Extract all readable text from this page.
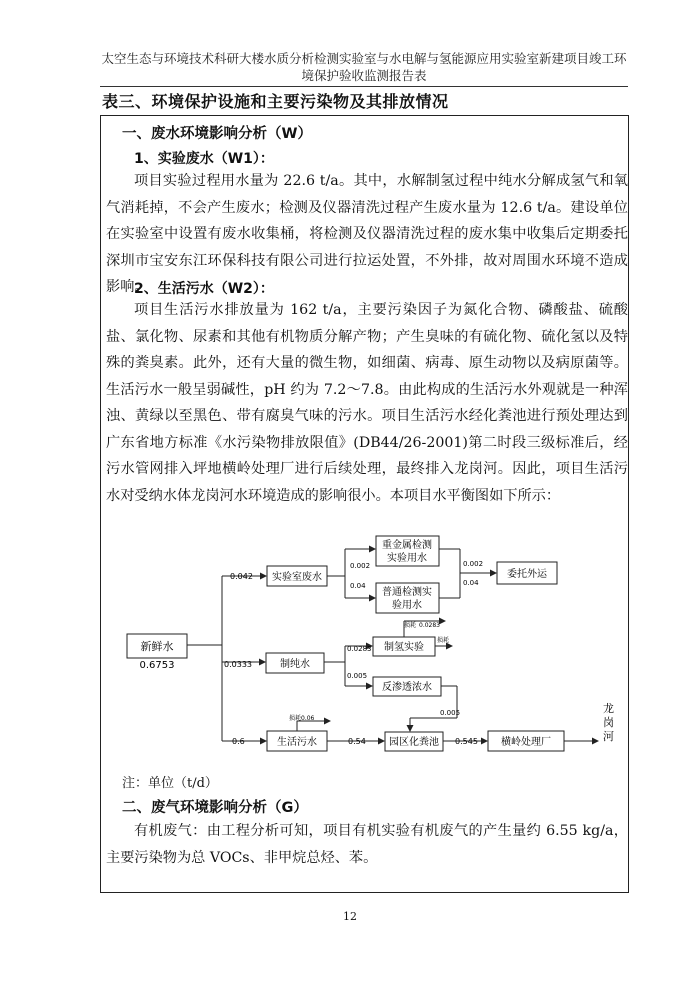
太空生态与环境技术科研大楼水质分析检测实验室与水电解与氢能源应用实验室新建项目竣工环境保护验收监测报告表
表三、环境保护设施和主要污染物及其排放情况
一、废水环境影响分析（W）
1、实验废水（W1）：

项目实验过程用水量为 22.6 t/a。其中，水解制氢过程中纯水分解成氢气和氧气消耗掉，不会产生废水；检测及仪器清洗过程产生废水量为 12.6 t/a。建设单位在实验室中设置有废水收集桶，将检测及仪器清洗过程的废水集中收集后定期委托深圳市宝安东江环保科技有限公司进行拉运处置，不外排，故对周围水环境不造成影响。

2、生活污水（W2）：

项目生活污水排放量为 162 t/a，主要污染因子为氮化合物、磷酸盐、硫酸盐、氯化物、尿素和其他有机物质分解产物；产生臭味的有硫化物、硫化氢以及特殊的粪臭素。此外，还有大量的微生物，如细菌、病毒、原生动物以及病原菌等。生活污水一般呈弱碱性，pH 约为 7.2～7.8。由此构成的生活污水外观就是一种浑浊、黄绿以至黑色、带有腐臭气味的污水。项目生活污水经化粪池进行预处理达到广东省地方标准《水污染物排放限值》(DB44/26-2001)第二时段三级标准后，经污水管网排入坪地横岭处理厂进行后续处理，最终排入龙岗河。因此，项目生活污水对受纳水体龙岗河水环境造成的影响很小。本项目水平衡图如下所示：

新鲜水
0.6753
0.042 实验室废水
0.002
0.04
重金属检测
实验用水
普通检测实
验用水
0.002
0.04
委托外运
0.0333	制纯水
0.0283
0.005
制氢实验
损耗 0.0283
损耗
反渗透浓水
0.005
0.6	生活污水
损耗0.06
0.54 园区化粪池 0.545 横岭处理厂
龙
岗
河
注：单位（t/d）
二、废气环境影响分析（G）

有机废气：由工程分析可知，项目有机实验有机废气的产生量约 6.55 kg/a，主要污染物为总 VOCs、非甲烷总烃、苯。

12
